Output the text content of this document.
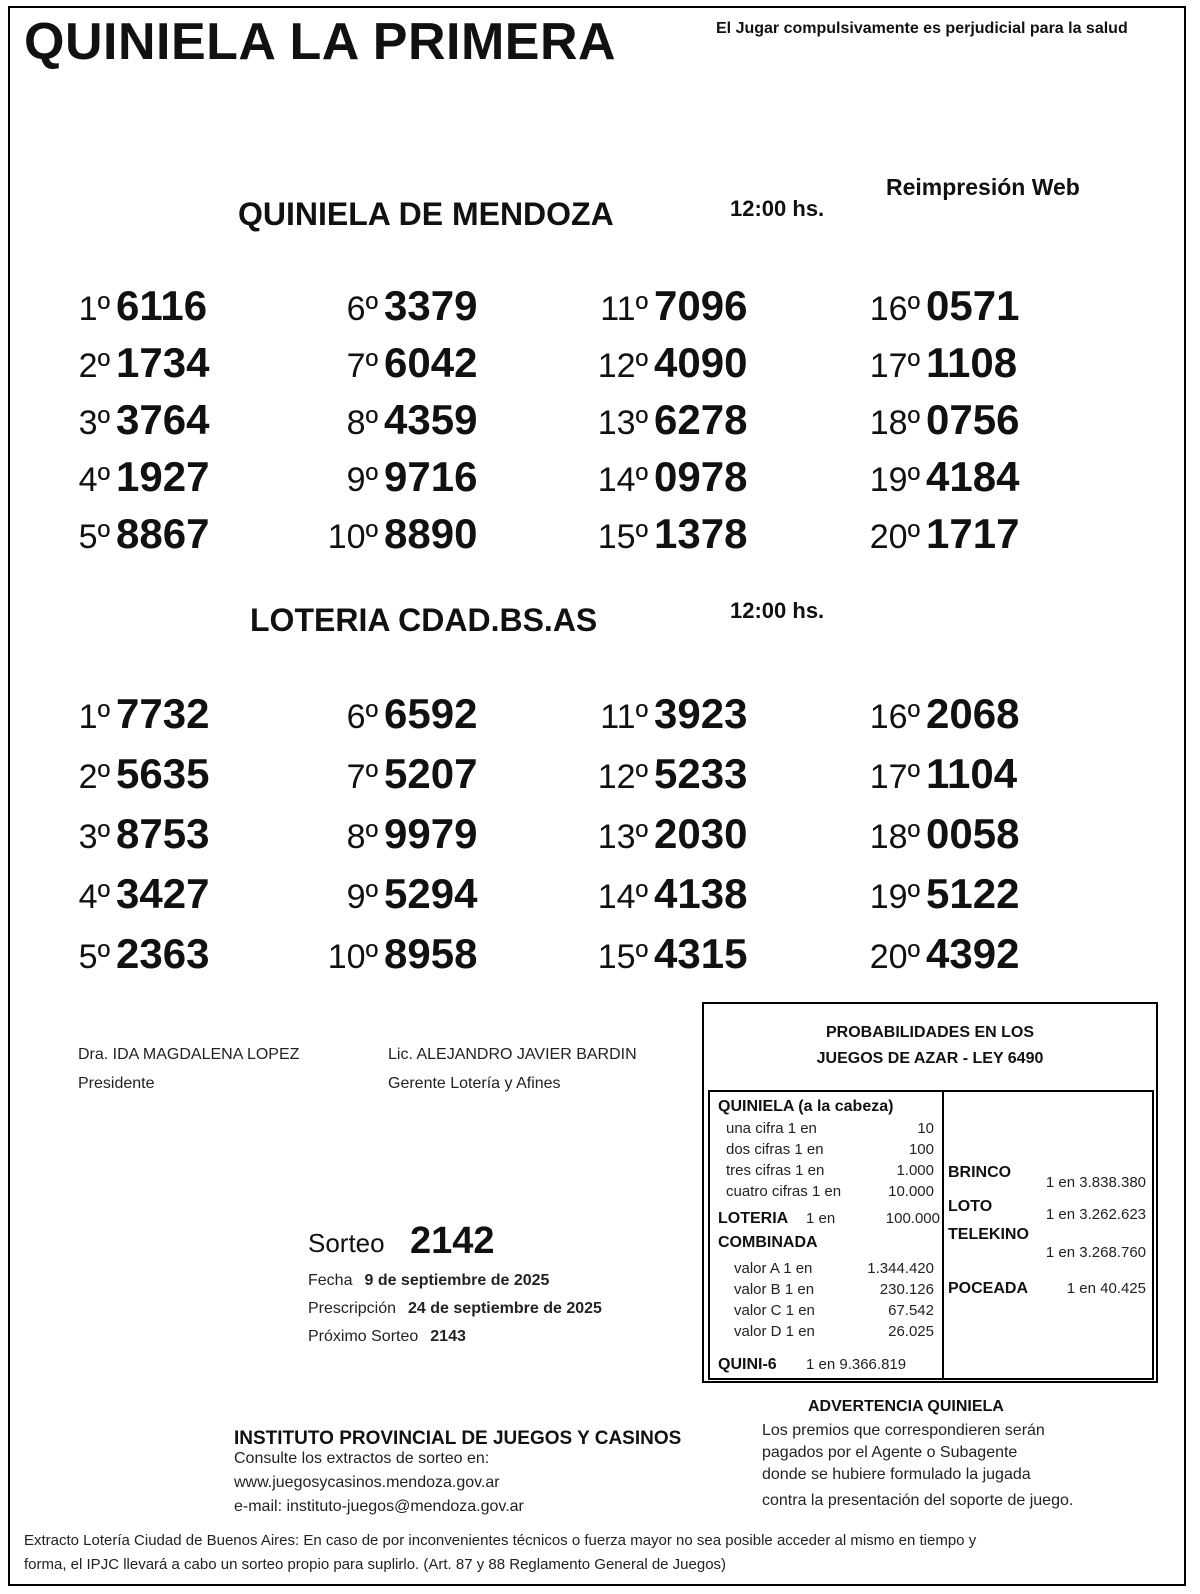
QUINIELA LA PRIMERA	El Jugar compulsivamente es perjudicial para la salud
Reimpresión Web
QUINIELA DE MENDOZA	12:00 hs.
1º 6116
2º 1734
3º 3764
4º 1927
5º 8867
6º 3379
7º 6042
8º 4359
9º 9716
10º 8890
11º 7096
12º 4090
13º 6278
14º 0978
15º 1378
16º 0571
17º 1108
18º 0756
19º 4184
20º 1717
LOTERIA CDAD.BS.AS	12:00 hs.
1º 7732
2º 5635
3º 8753
4º 3427
5º 2363
6º 6592
7º 5207
8º 9979
9º 5294
10º 8958
11º 3923
12º 5233
13º 2030
14º 4138
15º 4315
16º 2068
17º 1104
18º 0058
19º 5122
20º 4392
Dra. IDA MAGDALENA LOPEZ
Presidente
Lic. ALEJANDRO JAVIER BARDIN
Gerente Lotería y Afines
Sorteo 2142
Fecha 9 de septiembre de 2025
Prescripción 24 de septiembre de 2025
Próximo Sorteo 2143
PROBABILIDADES EN LOS
JUEGOS DE AZAR - LEY 6490
QUINIELA (a la cabeza)
una cifra 1 en	10
dos cifras 1 en	100
tres cifras 1 en	1.000
cuatro cifras 1 en	10.000
LOTERIA 1 en	100.000
COMBINADA
valor A 1 en	1.344.420
valor B 1 en	230.126
valor C 1 en	67.542
valor D 1 en	26.025
QUINI-6 1 en 9.366.819
BRINCO
1 en 3.838.380
LOTO	1 en 3.262.623
TELEKINO
1 en 3.268.760
POCEADA	1 en 40.425
ADVERTENCIA QUINIELA
Los premios que correspondieren serán
pagados por el Agente o Subagente
donde se hubiere formulado la jugada
contra la presentación del soporte de juego.
INSTITUTO PROVINCIAL DE JUEGOS Y CASINOS
Consulte los extractos de sorteo en:
www.juegosycasinos.mendoza.gov.ar
e-mail: instituto-juegos@mendoza.gov.ar
Extracto Lotería Ciudad de Buenos Aires: En caso de por inconvenientes técnicos o fuerza mayor no sea posible acceder al mismo en tiempo y
forma, el IPJC llevará a cabo un sorteo propio para suplirlo. (Art. 87 y 88 Reglamento General de Juegos)
